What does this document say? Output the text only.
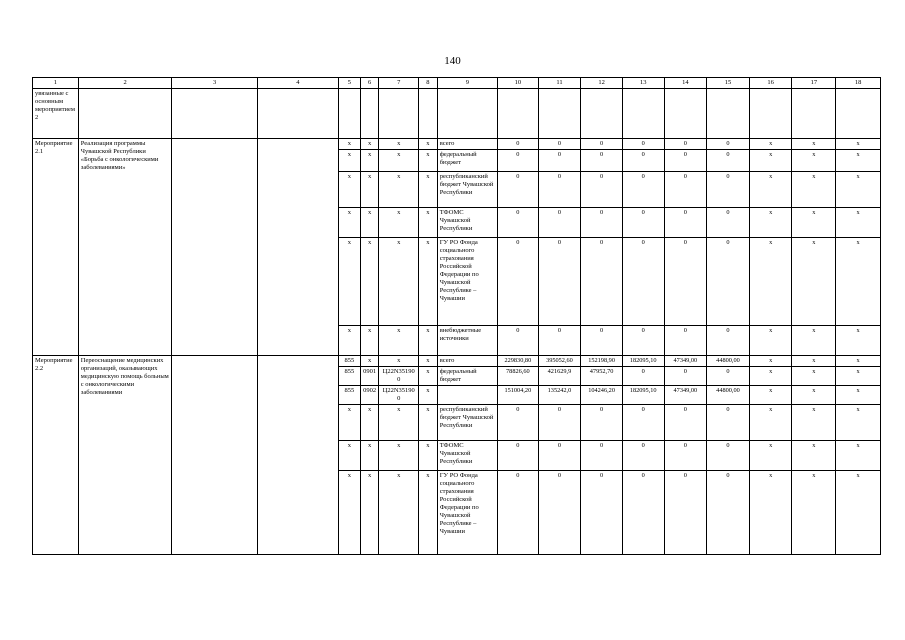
140
1	2	3	4	5	6	7	8	9	10	11	12	13	14	15	16	17	18
увязанные с основным мероприятием 2																	
Мероприятие 2.1	Реализация программы Чувашской Республики «Борьба с онкологическими заболеваниями»			х	х	х	х	всего	0	0	0	0	0	0	х	х	х
				х	х	х	х	федеральный бюджет	0	0	0	0	0	0	х	х	х
				х	х	х	х	республиканский бюджет Чувашской Республики	0	0	0	0	0	0	х	х	х
				х	х	х	х	ТФОМС Чувашской Республики	0	0	0	0	0	0	х	х	х
				х	х	х	х	ГУ РО Фонда социального страхования Российской Федерации по Чувашской Республике – Чувашии	0	0	0	0	0	0	х	х	х
				х	х	х	х	внебюджетные источники	0	0	0	0	0	0	х	х	х
Мероприятие 2.2	Переоснащение медицинских организаций, оказывающих медицинскую помощь больным с онкологическими заболеваниями			855	х	х	х	всего	229830,80	395052,60	152198,90	182095,10	47349,00	44800,00	х	х	х
				855	0901	Ц22N351900	х	федеральный бюджет	78826,60	421629,9	47952,70	0	0	0	х	х	х
				855	0902	Ц22N351900	х		151004,20	135242,0	104246,20	182095,10	47349,00	44800,00	х	х	х
				х	х	х	х	республиканский бюджет Чувашской Республики	0	0	0	0	0	0	х	х	х
				х	х	х	х	ТФОМС Чувашской Республики	0	0	0	0	0	0	х	х	х
				х	х	х	х	ГУ РО Фонда социального страхования Российской Федерации по Чувашской Республике – Чувашии	0	0	0	0	0	0	х	х	х
